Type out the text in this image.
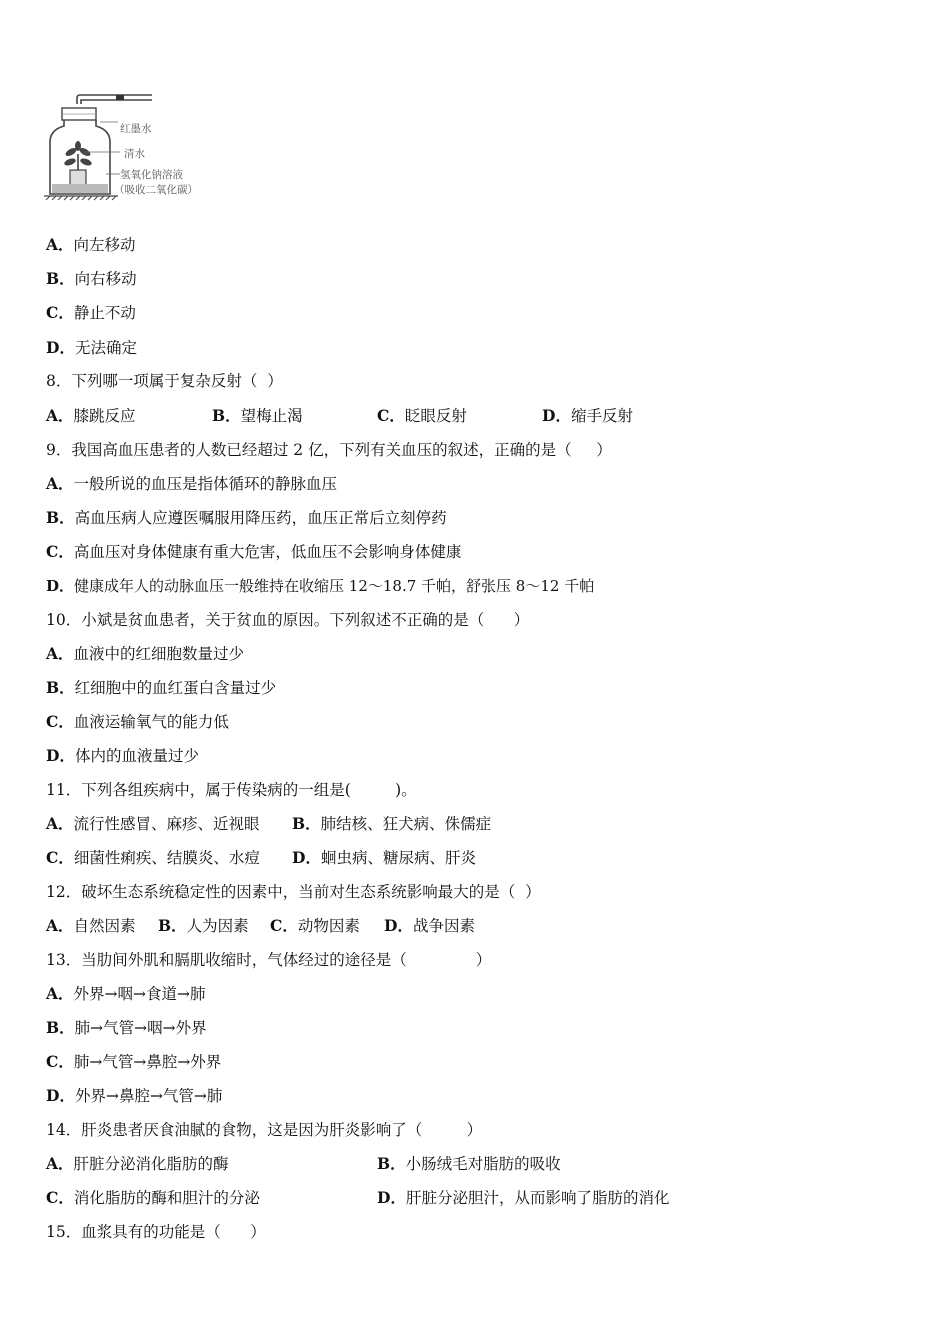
红墨水
清水
氢氧化钠溶液
（吸收二氧化碳）
A．向左移动
B．向右移动
C．静止不动
D．无法确定
8．下列哪一项属于复杂反射（  ）
A．膝跳反应	B．望梅止渴	C．眨眼反射	D．缩手反射
9．我国高血压患者的人数已经超过 2 亿，下列有关血压的叙述，正确的是（     ）
A．一般所说的血压是指体循环的静脉血压
B．高血压病人应遵医嘱服用降压药，血压正常后立刻停药
C．高血压对身体健康有重大危害，低血压不会影响身体健康
D．健康成年人的动脉血压一般维持在收缩压 12～18.7 千帕，舒张压 8～12 千帕
10．小斌是贫血患者，关于贫血的原因。下列叙述不正确的是（      ）
A．血液中的红细胞数量过少
B．红细胞中的血红蛋白含量过少
C．血液运输氧气的能力低
D．体内的血液量过少
11．下列各组疾病中，属于传染病的一组是(         )。
A．流行性感冒、麻疹、近视眼 B．肺结核、狂犬病、侏儒症
C．细菌性痢疾、结膜炎、水痘 D．蛔虫病、糖尿病、肝炎
12．破坏生态系统稳定性的因素中，当前对生态系统影响最大的是（  ）
A．自然因素 B．人为因素 C．动物因素 D．战争因素
13．当肋间外肌和膈肌收缩时，气体经过的途径是（              ）
A．外界→咽→食道→肺
B．肺→气管→咽→外界
C．肺→气管→鼻腔→外界
D．外界→鼻腔→气管→肺
14．肝炎患者厌食油腻的食物，这是因为肝炎影响了（         ）
A．肝脏分泌消化脂肪的酶	B．小肠绒毛对脂肪的吸收
C．消化脂肪的酶和胆汁的分泌	D．肝脏分泌胆汁，从而影响了脂肪的消化
15．血浆具有的功能是（      ）
